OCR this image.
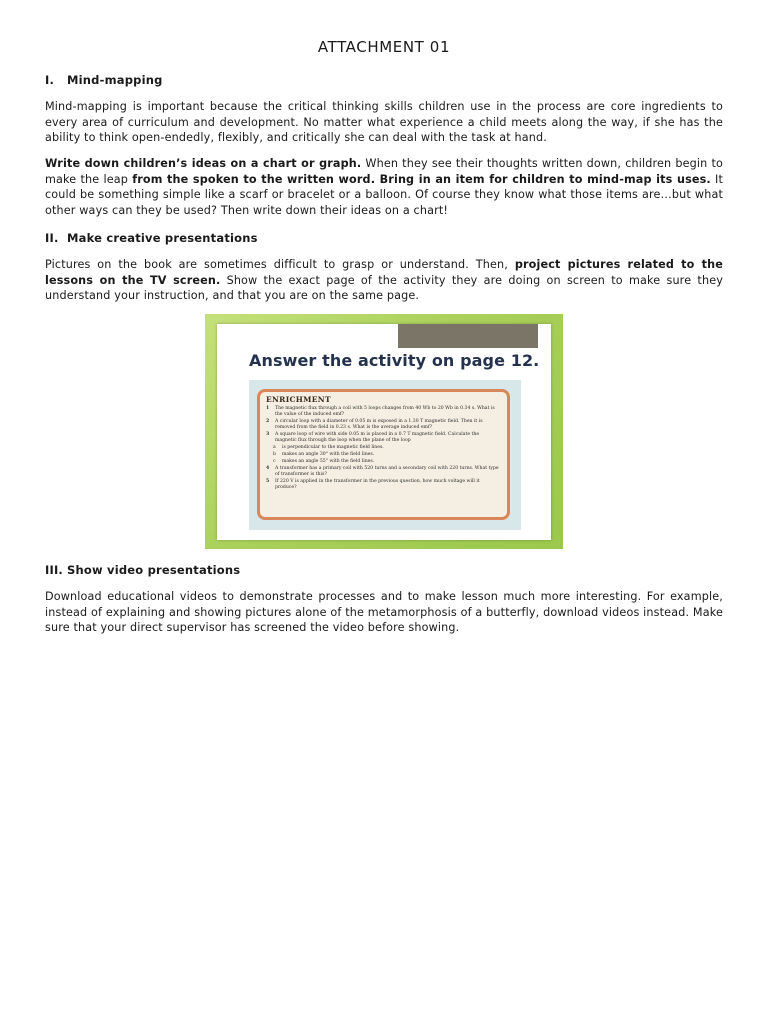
ATTACHMENT 01
I. Mind-mapping

Mind-mapping is important because the critical thinking skills children use in the process are core ingredients to every area of curriculum and development. No matter what experience a child meets along the way, if she has the ability to think open-endedly, flexibly, and critically she can deal with the task at hand.

Write down children’s ideas on a chart or graph. When they see their thoughts written down, children begin to make the leap from the spoken to the written word. Bring in an item for children to mind-map its uses. It could be something simple like a scarf or bracelet or a balloon. Of course they know what those items are…but what other ways can they be used? Then write down their ideas on a chart!

II. Make creative presentations

Pictures on the book are sometimes difficult to grasp or understand. Then, project pictures related to the lessons on the TV screen. Show the exact page of the activity they are doing on screen to make sure they understand your instruction, and that you are on the same page.

Answer the activity on page 12.
ENRICHMENT
1 The magnetic flux through a coil with 5 loops changes from 40 Wb to 20 Wb in 0.34 s. What is the value of the induced emf?
2 A circular loop with a diameter of 0.05 m is exposed in a 1.30 T magnetic field. Then it is removed from the field in 0.23 s. What is the average induced emf?
3 A square loop of wire with side 0.05 m is placed in a 0.7 T magnetic field. Calculate the magnetic flux through the loop when the plane of the loop
a is perpendicular to the magnetic field lines.
b makes an angle 30° with the field lines.
c makes an angle 55° with the field lines.
4 A transformer has a primary coil with 520 turns and a secondary coil with 220 turns. What type of transformer is this?
5 If 220 V is applied in the transformer in the previous question, how much voltage will it produce?
III. Show video presentations

Download educational videos to demonstrate processes and to make lesson much more interesting. For example, instead of explaining and showing pictures alone of the metamorphosis of a butterfly, download videos instead. Make sure that your direct supervisor has screened the video before showing.
